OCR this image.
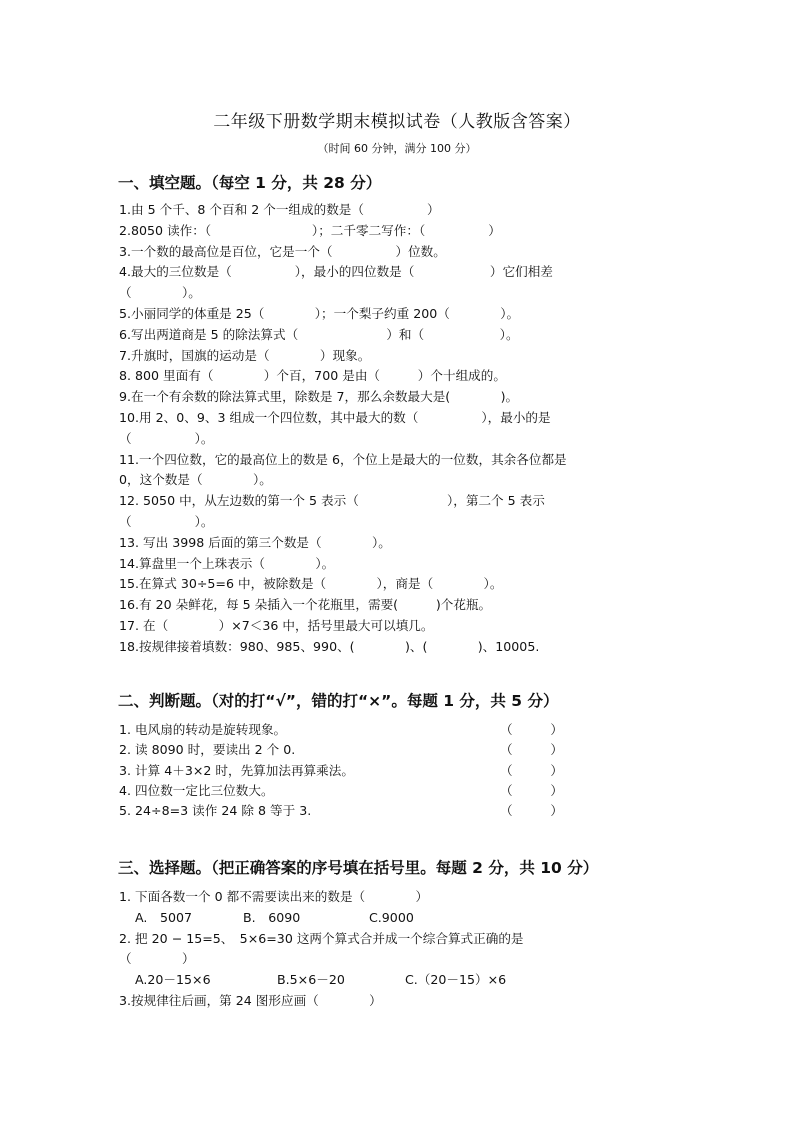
二年级下册数学期末模拟试卷（人教版含答案）
（时间 60 分钟，满分 100 分）
一、填空题。（每空 1 分，共 28 分）
1.由 5 个千、8 个百和 2 个一组成的数是（　　　　　）
2.8050 读作：（　　　　　　　　）；二千零二写作：（　　　　　）
3.一个数的最高位是百位，它是一个（　　　　　）位数。
4.最大的三位数是（　　　　　），最小的四位数是（　　　　　　）它们相差
（　　　　）。
5.小丽同学的体重是 25（　　　　）；一个梨子约重 200（　　　　）。
6.写出两道商是 5 的除法算式（　　　　　　　）和（　　　　　　）。
7.升旗时，国旗的运动是（　　　　）现象。
8. 800 里面有（　　　　）个百，700 是由（　　　）个十组成的。
9.在一个有余数的除法算式里，除数是 7，那么余数最大是(　　　　)。
10.用 2、0、9、3 组成一个四位数，其中最大的数（　　　　　），最小的是
（　　　　　）。
11.一个四位数，它的最高位上的数是 6，个位上是最大的一位数，其余各位都是
0，这个数是（　　　　）。
12. 5050 中，从左边数的第一个 5 表示（　　　　　　　），第二个 5 表示
（　　　　　）。
13. 写出 3998 后面的第三个数是（　　　　）。
14.算盘里一个上珠表示（　　　　）。
15.在算式 30÷5=6 中，被除数是（　　　　），商是（　　　　）。
16.有 20 朵鲜花，每 5 朵插入一个花瓶里，需要(　　　)个花瓶。
17. 在（　　　　）×7＜36 中，括号里最大可以填几。
18.按规律接着填数：980、985、990、(　　　　)、(　　　　)、10005.
二、判断题。（对的打“√”，错的打“×”。每题 1 分，共 5 分）
1. 电风扇的转动是旋转现象。	（　　　）
2. 读 8090 时，要读出 2 个 0.	（　　　）
3. 计算 4＋3×2 时，先算加法再算乘法。	（　　　）
4. 四位数一定比三位数大。	（　　　）
5. 24÷8=3 读作 24 除 8 等于 3.	（　　　）
三、选择题。（把正确答案的序号填在括号里。每题 2 分，共 10 分）
1. 下面各数一个 0 都不需要读出来的数是（　　　　）
A.　5007	B.　6090	C.9000
2. 把 20 − 15=5、　5×6=30 这两个算式合并成一个综合算式正确的是
（　　　　）
A.20－15×6	B.5×6－20	C.（20－15）×6
3.按规律往后画，第 24 图形应画（　　　　）
